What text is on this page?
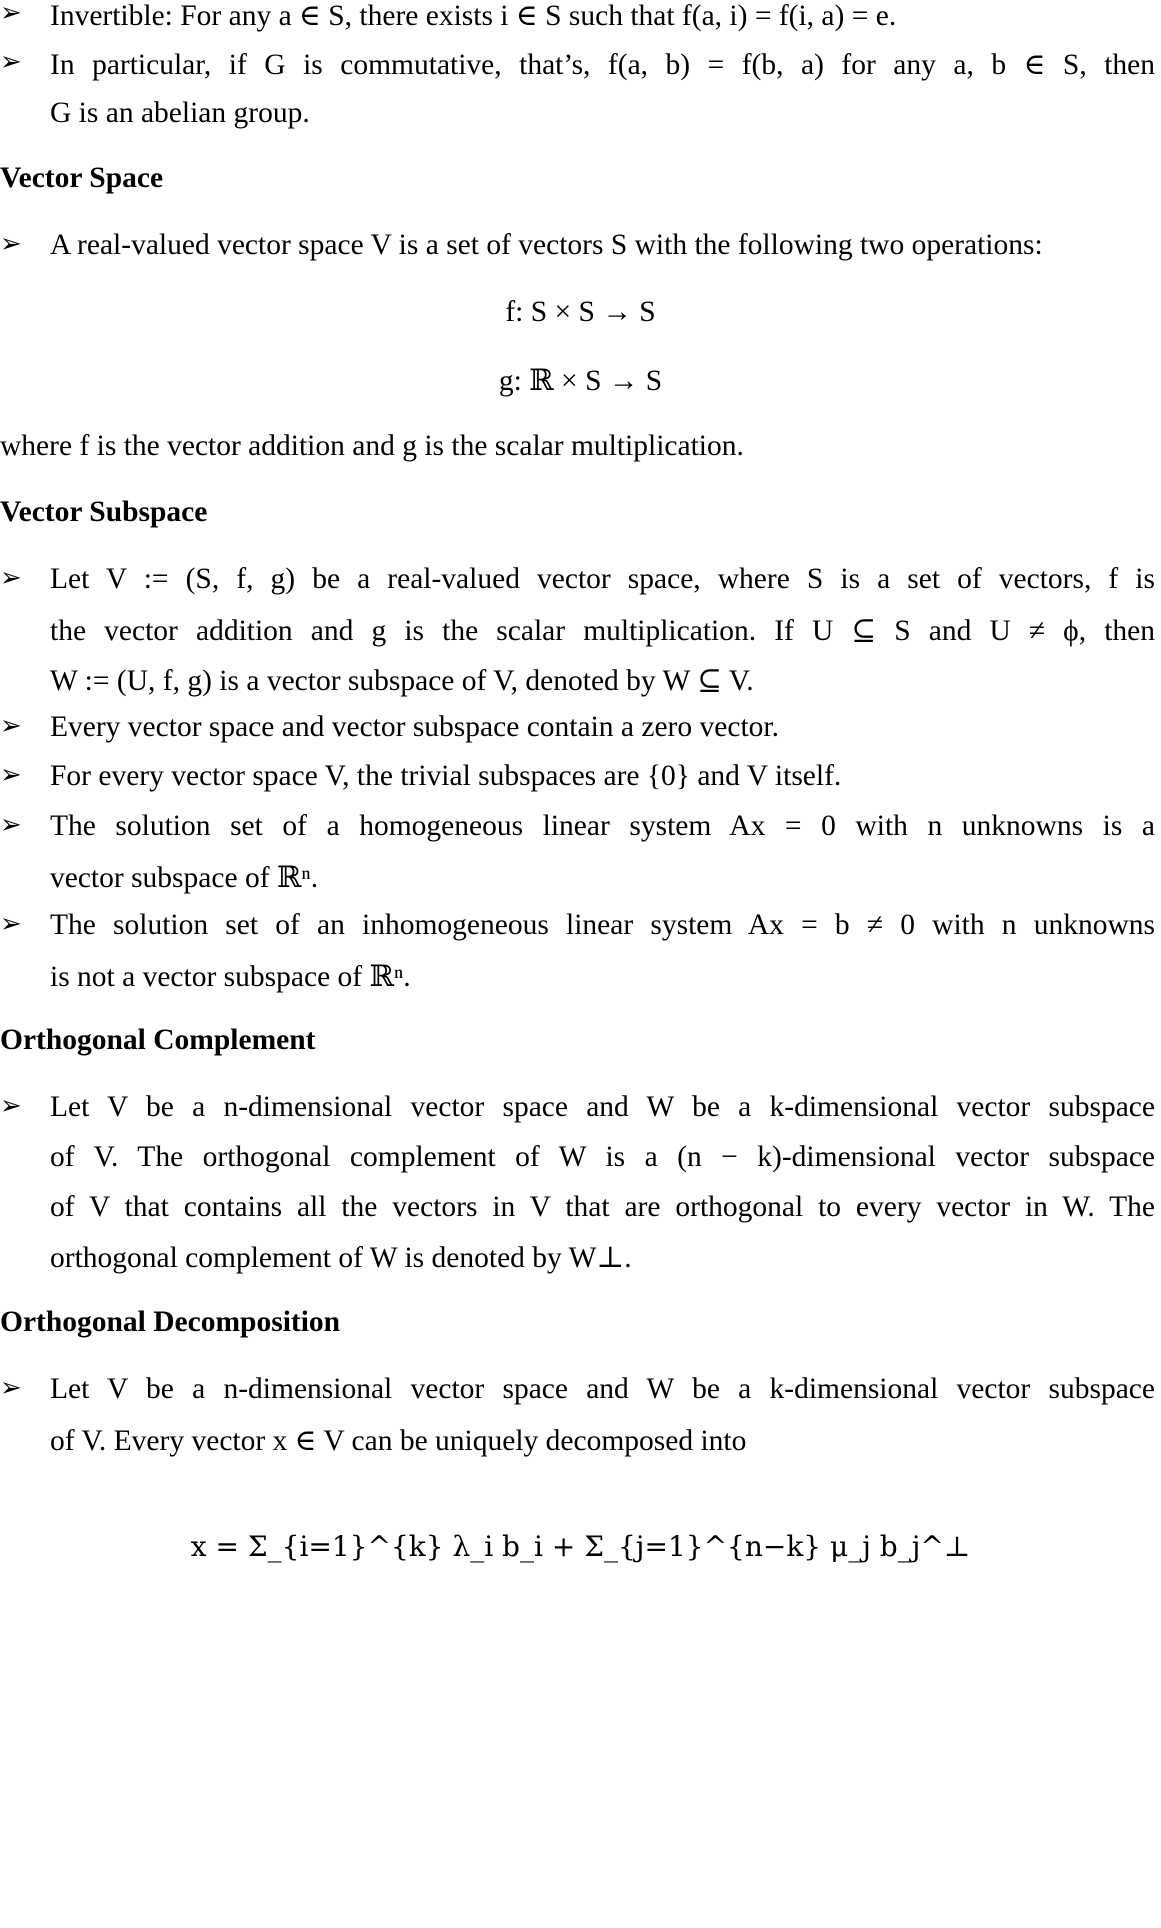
➢ Invertible: For any a ∈ S, there exists i ∈ S such that f(a, i) = f(i, a) = e.
➢ In particular, if G is commutative, that’s, f(a, b) = f(b, a) for any a, b ∈ S, then
G is an abelian group.
Vector Space
➢ A real-valued vector space V is a set of vectors S with the following two operations:
f: S × S → S
g: ℝ × S → S
where f is the vector addition and g is the scalar multiplication.
Vector Subspace
➢ Let V := (S, f, g) be a real-valued vector space, where S is a set of vectors, f is
the vector addition and g is the scalar multiplication. If U ⊆ S and U ≠ ϕ, then
W := (U, f, g) is a vector subspace of V, denoted by W ⊆ V.
➢ Every vector space and vector subspace contain a zero vector.
➢ For every vector space V, the trivial subspaces are {0} and V itself.
➢ The solution set of a homogeneous linear system Ax = 0 with n unknowns is a
vector subspace of ℝⁿ.
➢ The solution set of an inhomogeneous linear system Ax = b ≠ 0 with n unknowns
is not a vector subspace of ℝⁿ.
Orthogonal Complement
➢ Let V be a n-dimensional vector space and W be a k-dimensional vector subspace
of V. The orthogonal complement of W is a (n − k)-dimensional vector subspace
of V that contains all the vectors in V that are orthogonal to every vector in W. The
orthogonal complement of W is denoted by W⊥.
Orthogonal Decomposition
➢ Let V be a n-dimensional vector space and W be a k-dimensional vector subspace
of V. Every vector x ∈ V can be uniquely decomposed into
x = Σ_{i=1}^{k} λ_i b_i + Σ_{j=1}^{n−k} μ_j b_j^⊥
